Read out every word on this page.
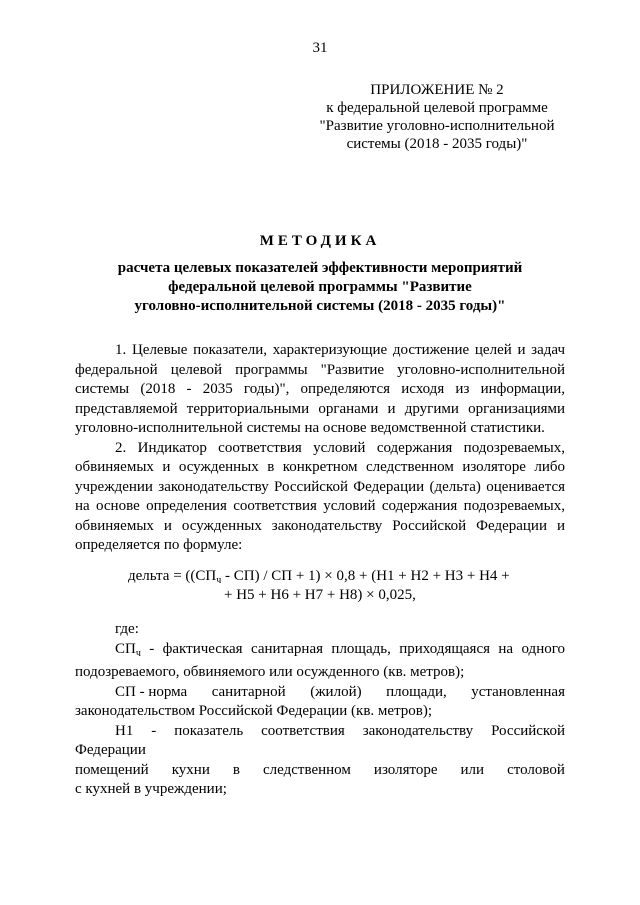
31
ПРИЛОЖЕНИЕ № 2
к федеральной целевой программе
"Развитие уголовно-исполнительной
системы (2018 - 2035 годы)"
МЕТОДИКА
расчета целевых показателей эффективности мероприятий
федеральной целевой программы "Развитие
уголовно-исполнительной системы (2018 - 2035 годы)"

1. Целевые показатели, характеризующие достижение целей и задач федеральной целевой программы "Развитие уголовно-исполнительной системы (2018 - 2035 годы)", определяются исходя из информации, представляемой территориальными органами и другими организациями уголовно-исполнительной системы на основе ведомственной статистики.

2. Индикатор соответствия условий содержания подозреваемых, обвиняемых и осужденных в конкретном следственном изоляторе либо учреждении законодательству Российской Федерации (дельта) оценивается на основе определения соответствия условий содержания подозреваемых, обвиняемых и осужденных законодательству Российской Федерации и определяется по формуле:

дельта = ($(СП_ч - СП)$ / СП + 1) × 0,8 + (Н1 + Н2 + Н3 + Н4 +
+ Н5 + Н6 + Н7 + Н8) × 0,025,

где:

$СП_ч$ - фактическая санитарная площадь, приходящаяся на одного подозреваемого, обвиняемого или осужденного (кв. метров);

СП - норма санитарной (жилой) площади, установленная

законодательством Российской Федерации (кв. метров);

Н1 - показатель соответствия законодательству Российской Федерации

помещений кухни в следственном изоляторе или столовой

с кухней в учреждении;
